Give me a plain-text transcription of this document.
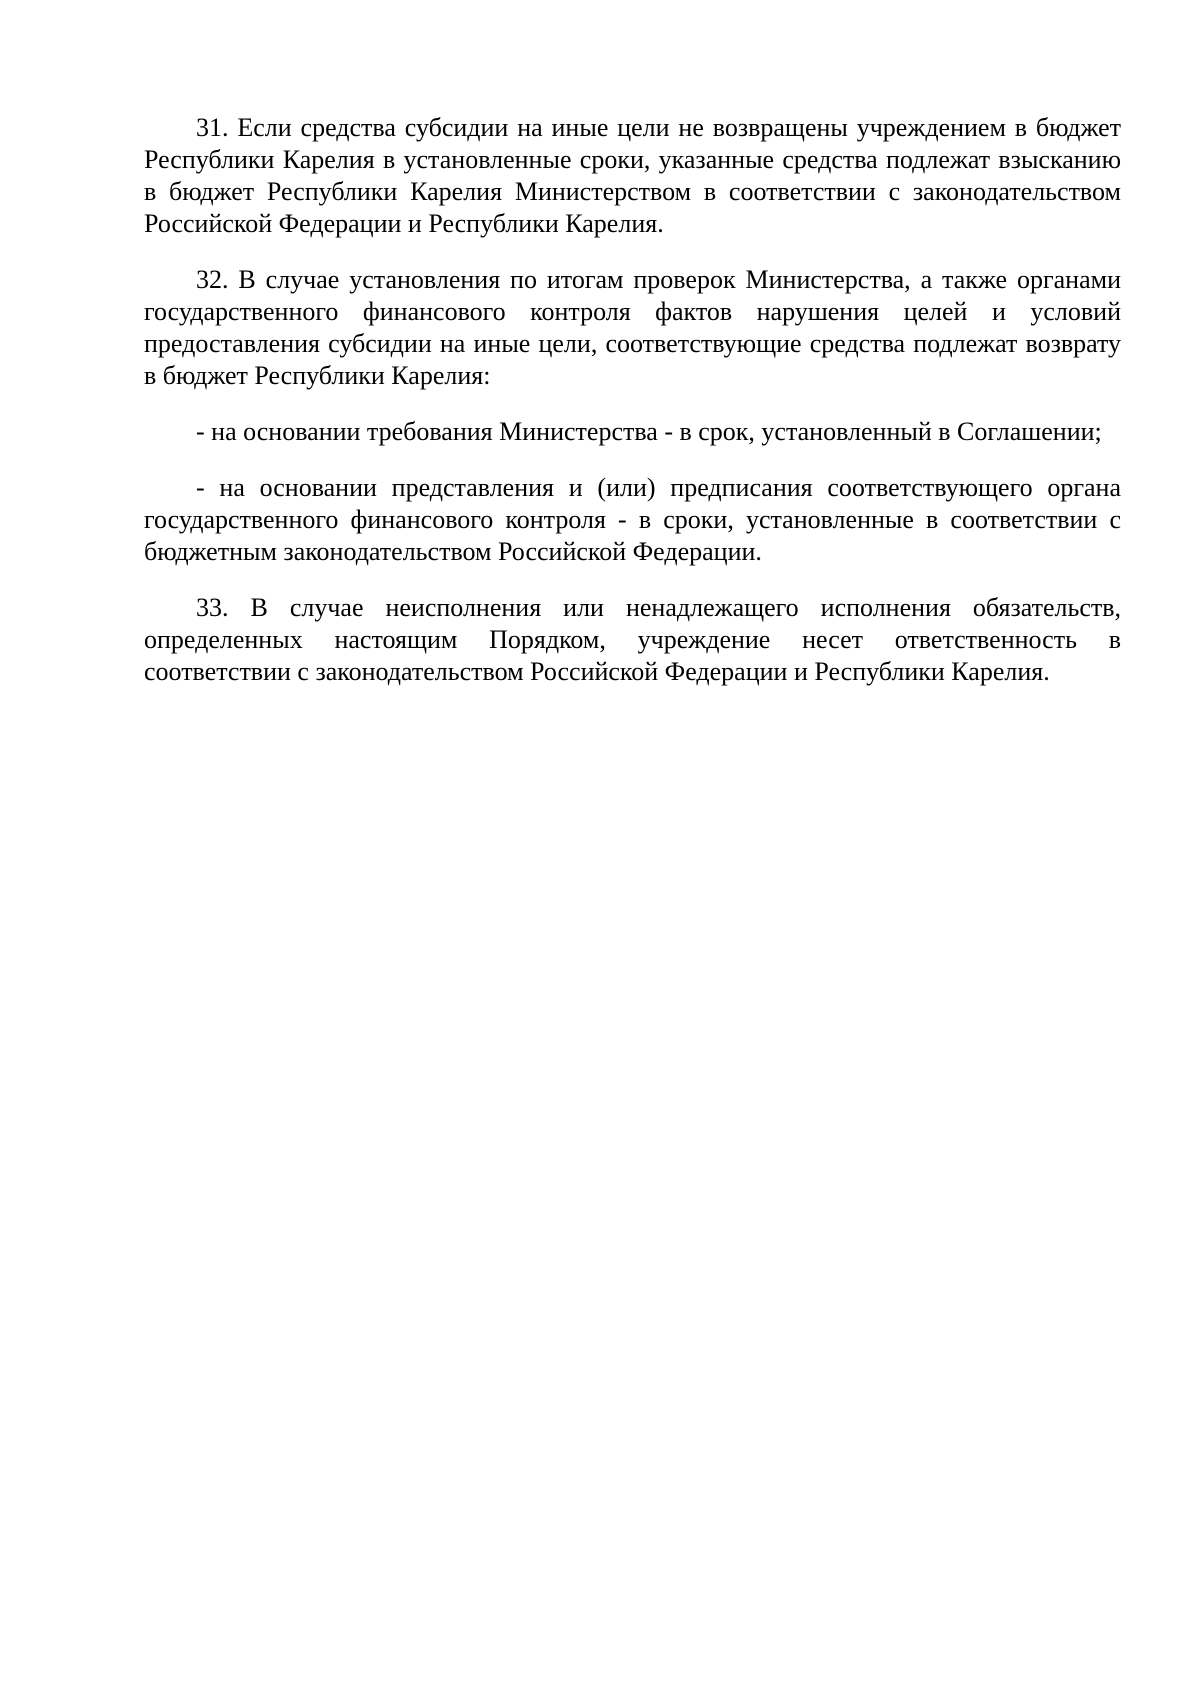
31. Если средства субсидии на иные цели не возвращены учреждением в бюджет Республики Карелия в установленные сроки, указанные средства подлежат взысканию в бюджет Республики Карелия Министерством в соответствии с законодательством Российской Федерации и Республики Карелия.

32. В случае установления по итогам проверок Министерства, а также органами государственного финансового контроля фактов нарушения целей и условий предоставления субсидии на иные цели, соответствующие средства подлежат возврату в бюджет Республики Карелия:

- на основании требования Министерства - в срок, установленный в Соглашении;

- на основании представления и (или) предписания соответствующего органа государственного финансового контроля - в сроки, установленные в соответствии с бюджетным законодательством Российской Федерации.

33. В случае неисполнения или ненадлежащего исполнения обязательств, определенных настоящим Порядком, учреждение несет ответственность в соответствии с законодательством Российской Федерации и Республики Карелия.
